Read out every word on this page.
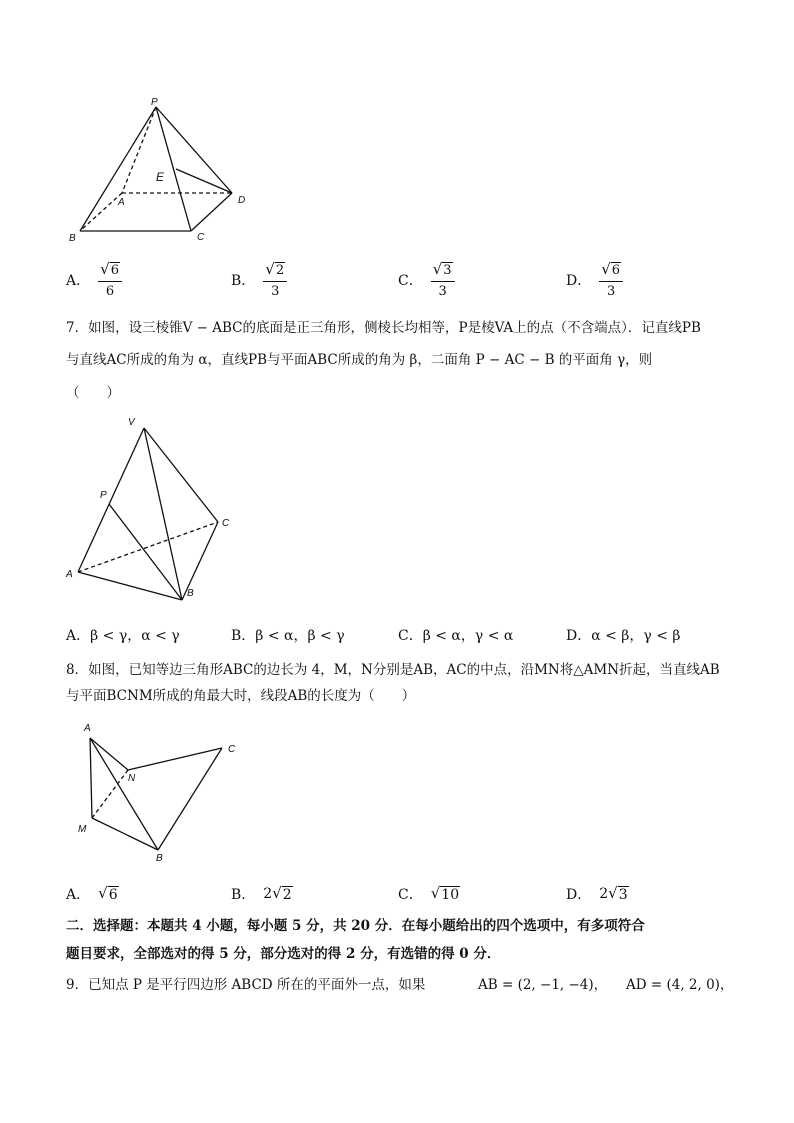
P
E
A	D
B	C
A． $\frac{√ 6}{6}$	B． $\frac{√ 2}{3}$	C． $\frac{√ 3}{3}$	D． $\frac{√ 6}{3}$
7．如图，设三棱锥V − ABC的底面是正三角形，侧棱长均相等，P是棱VA上的点（不含端点）．记直线PB
与直线AC所成的角为 α，直线PB与平面ABC所成的角为 β，二面角 P − AC − B 的平面角 γ，则
（　　）
V
P
C
A
B
A．β < γ，α < γ	B．β < α，β < γ	C．β < α，γ < α	D．α < β，γ < β
8．如图，已知等边三角形ABC的边长为 4，M，N分别是AB，AC的中点，沿MN将△AMN折起，当直线AB
与平面BCNM所成的角最大时，线段AB的长度为（　　）
A
N
C
M
B
A． √ 6	B． 2 √ 2	C． √ 10	D． 2 √ 3
二．选择题：本题共 4 小题，每小题 5 分，共 20 分．在每小题给出的四个选项中，有多项符合
题目要求，全部选对的得 5 分，部分选对的得 2 分，有选错的得 0 分．
9．已知点 P 是平行四边形 ABCD 所在的平面外一点，如果	AB = (2, −1, −4)， AD = (4, 2, 0)，
